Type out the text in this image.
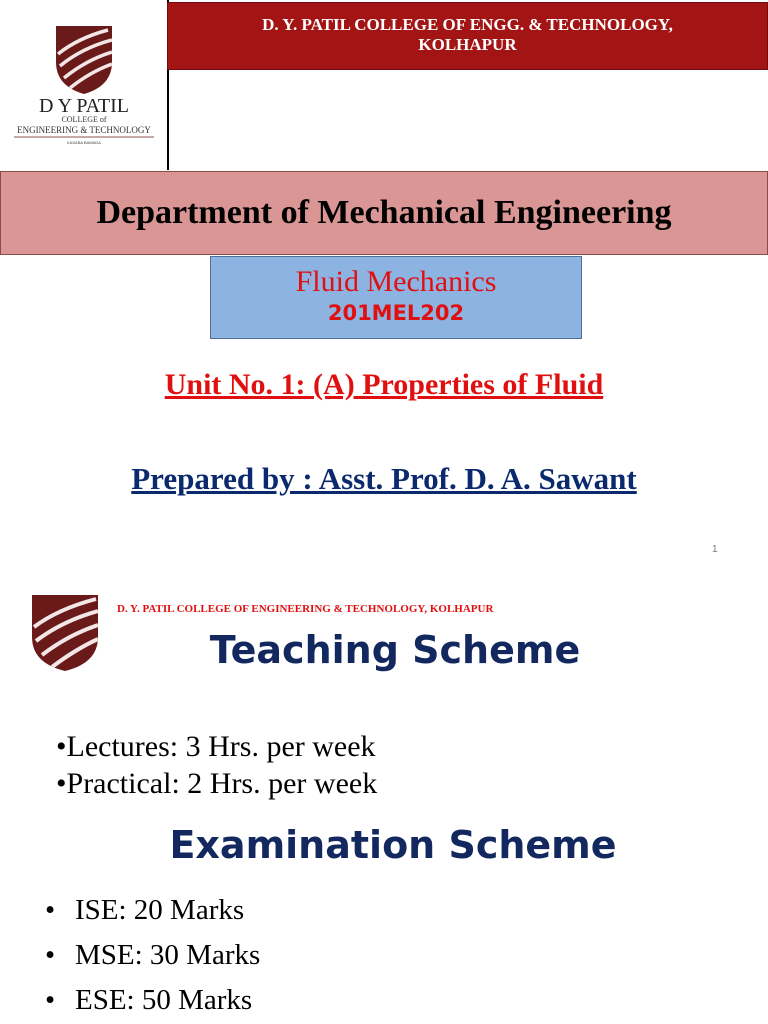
D Y PATIL
COLLEGE of
ENGINEERING & TECHNOLOGY
KASABA BAWADA
D. Y. PATIL COLLEGE OF ENGG. & TECHNOLOGY,
KOLHAPUR
Department of Mechanical Engineering
Fluid Mechanics
201MEL202
Unit No. 1: (A) Properties of Fluid
Prepared by : Asst. Prof. D. A. Sawant
1
D. Y. PATIL COLLEGE OF ENGINEERING & TECHNOLOGY, KOLHAPUR
Teaching Scheme
•Lectures: 3 Hrs. per week
•Practical: 2 Hrs. per week
Examination Scheme
• ISE: 20 Marks
• MSE: 30 Marks
• ESE: 50 Marks
